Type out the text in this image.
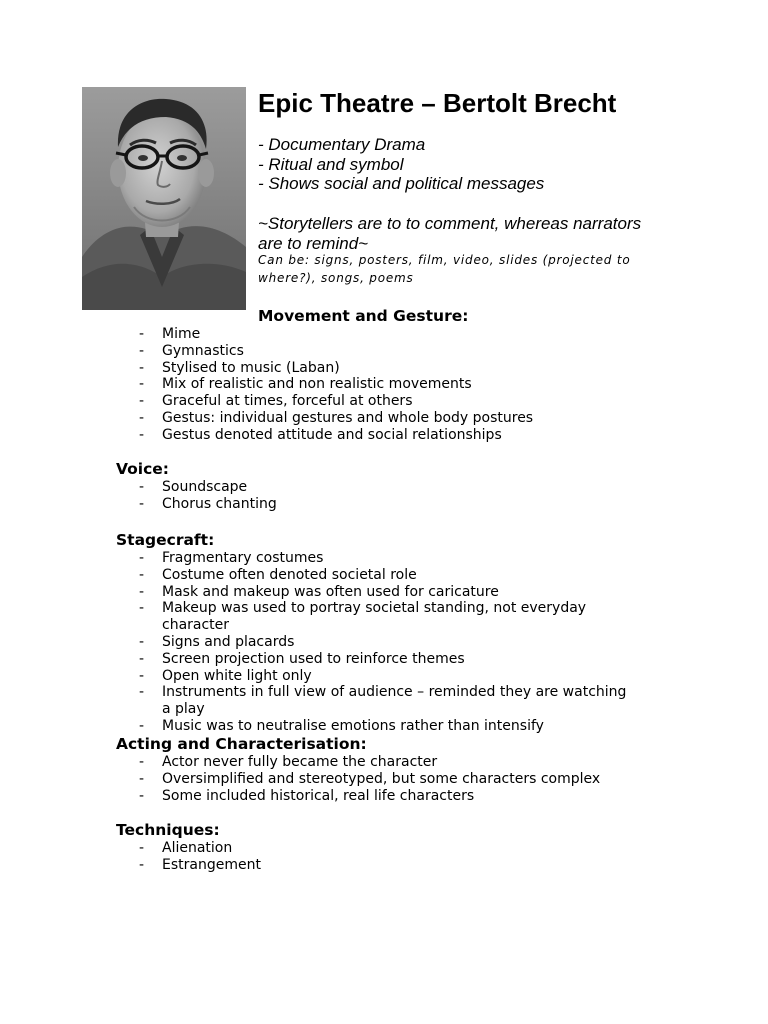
Epic Theatre – Bertolt Brecht
- Documentary Drama
- Ritual and symbol
- Shows social and political messages

~Storytellers are to to comment, whereas narrators are to remind~

Can be: signs, posters, film, video, slides (projected to where?), songs, poems

Movement and Gesture:
- Mime
- Gymnastics
- Stylised to music (Laban)
- Mix of realistic and non realistic movements
- Graceful at times, forceful at others
- Gestus: individual gestures and whole body postures
- Gestus denoted attitude and social relationships
Voice:
- Soundscape
- Chorus chanting
Stagecraft:
- Fragmentary costumes
- Costume often denoted societal role
- Mask and makeup was often used for caricature
- Makeup was used to portray societal standing, not everyday character
- Signs and placards
- Screen projection used to reinforce themes
- Open white light only
- Instruments in full view of audience – reminded they are watching a play
- Music was to neutralise emotions rather than intensify
Acting and Characterisation:
- Actor never fully became the character
- Oversimplified and stereotyped, but some characters complex
- Some included historical, real life characters
Techniques:
- Alienation
- Estrangement
